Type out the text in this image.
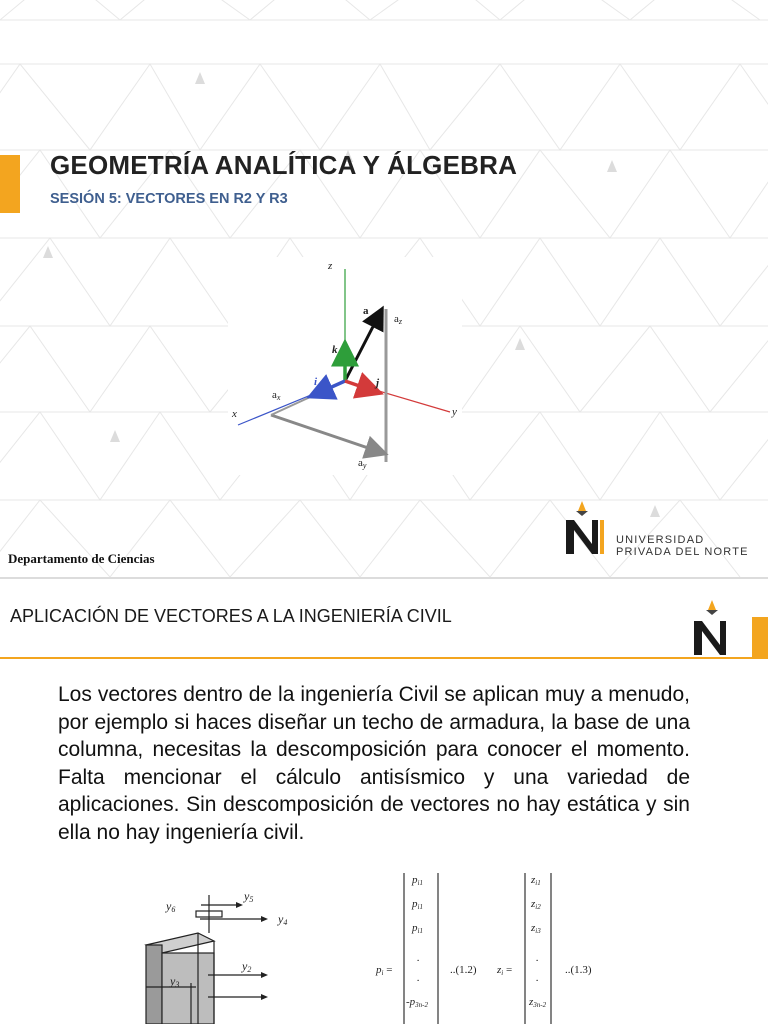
GEOMETRÍA ANALÍTICA Y ÁLGEBRA
SESIÓN 5: VECTORES EN R2 Y R3
z
x	y
a
az
ax
ay
k
i	j
Departamento de Ciencias
UNIVERSIDAD
PRIVADA DEL NORTE
APLICACIÓN DE VECTORES A LA INGENIERÍA CIVIL
Los vectores dentro de la ingeniería Civil se aplican muy a menudo, por ejemplo si haces diseñar un techo de armadura, la base de una columna, necesitas la descomposición para conocer el momento. Falta mencionar el cálculo antisísmico y una variedad de aplicaciones. Sin descomposición de vectores no hay estática y sin ella no hay ingeniería civil.
y5
y6
y4
y2
y3
pi =
pi1
pi1
pi1
.
.
-p3n-2
..(1.2) zi =
zi1
zi2
zi3
.
.
z3n-2
..(1.3)
